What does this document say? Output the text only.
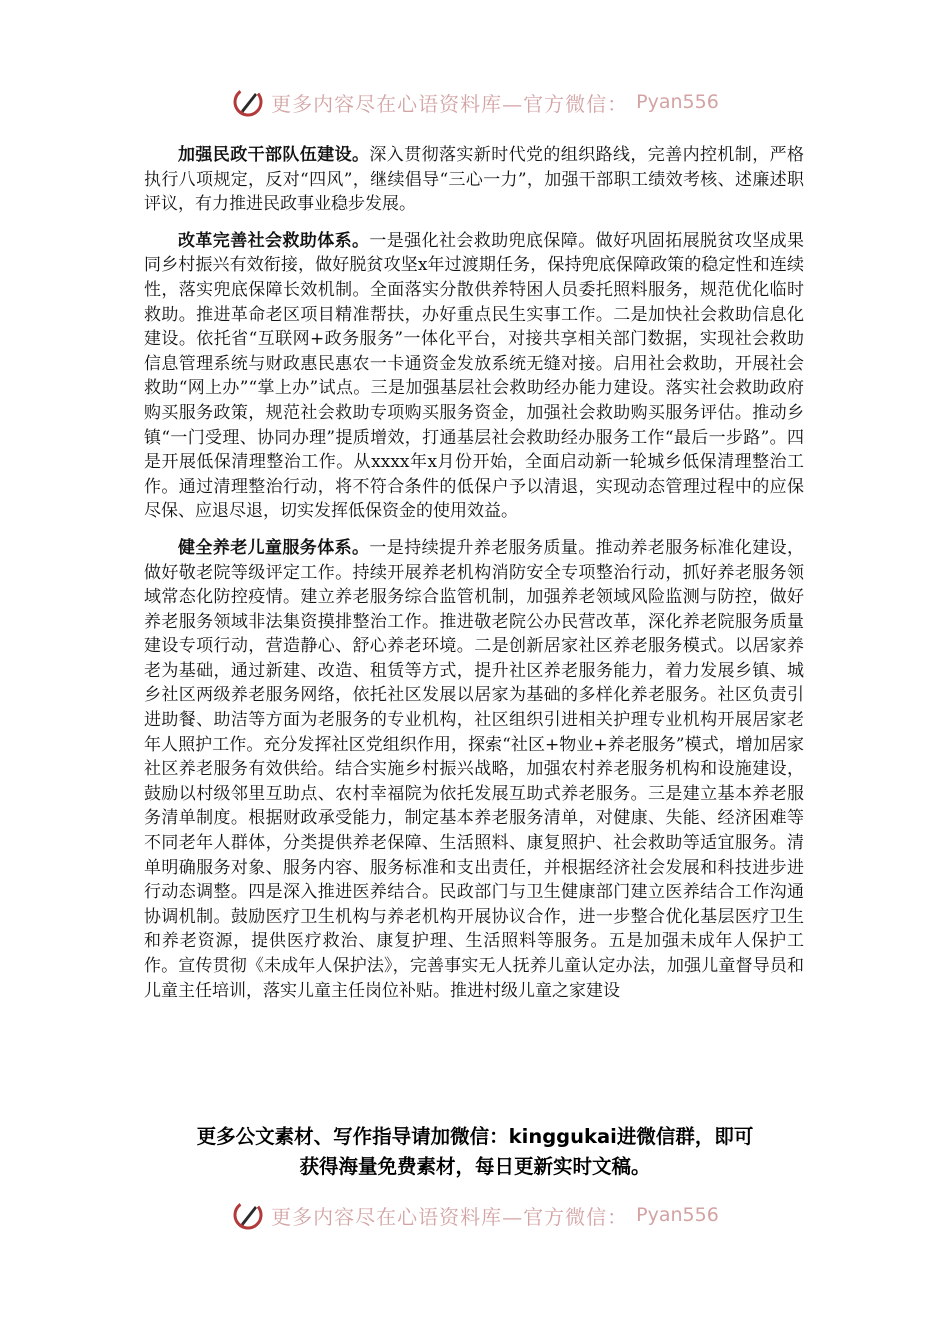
更多内容尽在心语资料库—官方微信： Pyan556

加强民政干部队伍建设。深入贯彻落实新时代党的组织路线，完善内控机制，严格执行八项规定，反对“四风”，继续倡导“三心一力”，加强干部职工绩效考核、述廉述职评议，有力推进民政事业稳步发展。

改革完善社会救助体系。一是强化社会救助兜底保障。做好巩固拓展脱贫攻坚成果同乡村振兴有效衔接，做好脱贫攻坚x年过渡期任务，保持兜底保障政策的稳定性和连续性，落实兜底保障长效机制。全面落实分散供养特困人员委托照料服务，规范优化临时救助。推进革命老区项目精准帮扶，办好重点民生实事工作。二是加快社会救助信息化建设。依托省“互联网+政务服务”一体化平台，对接共享相关部门数据，实现社会救助信息管理系统与财政惠民惠农一卡通资金发放系统无缝对接。启用社会救助，开展社会救助“网上办”“掌上办”试点。三是加强基层社会救助经办能力建设。落实社会救助政府购买服务政策，规范社会救助专项购买服务资金，加强社会救助购买服务评估。推动乡镇“一门受理、协同办理”提质增效，打通基层社会救助经办服务工作“最后一步路”。四是开展低保清理整治工作。从xxxx年x月份开始，全面启动新一轮城乡低保清理整治工作。通过清理整治行动，将不符合条件的低保户予以清退，实现动态管理过程中的应保尽保、应退尽退，切实发挥低保资金的使用效益。

健全养老儿童服务体系。一是持续提升养老服务质量。推动养老服务标准化建设，做好敬老院等级评定工作。持续开展养老机构消防安全专项整治行动，抓好养老服务领域常态化防控疫情。建立养老服务综合监管机制，加强养老领域风险监测与防控，做好养老服务领域非法集资摸排整治工作。推进敬老院公办民营改革，深化养老院服务质量建设专项行动，营造静心、舒心养老环境。二是创新居家社区养老服务模式。以居家养老为基础，通过新建、改造、租赁等方式，提升社区养老服务能力，着力发展乡镇、城乡社区两级养老服务网络，依托社区发展以居家为基础的多样化养老服务。社区负责引进助餐、助洁等方面为老服务的专业机构，社区组织引进相关护理专业机构开展居家老年人照护工作。充分发挥社区党组织作用，探索“社区+物业+养老服务”模式，增加居家社区养老服务有效供给。结合实施乡村振兴战略，加强农村养老服务机构和设施建设，鼓励以村级邻里互助点、农村幸福院为依托发展互助式养老服务。三是建立基本养老服务清单制度。根据财政承受能力，制定基本养老服务清单，对健康、失能、经济困难等不同老年人群体，分类提供养老保障、生活照料、康复照护、社会救助等适宜服务。清单明确服务对象、服务内容、服务标准和支出责任，并根据经济社会发展和科技进步进行动态调整。四是深入推进医养结合。民政部门与卫生健康部门建立医养结合工作沟通协调机制。鼓励医疗卫生机构与养老机构开展协议合作，进一步整合优化基层医疗卫生和养老资源，提供医疗救治、康复护理、生活照料等服务。五是加强未成年人保护工作。宣传贯彻《未成年人保护法》，完善事实无人抚养儿童认定办法，加强儿童督导员和儿童主任培训，落实儿童主任岗位补贴。推进村级儿童之家建设

更多公文素材、写作指导请加微信：kinggukai进微信群，即可
获得海量免费素材，每日更新实时文稿。
更多内容尽在心语资料库—官方微信： Pyan556
